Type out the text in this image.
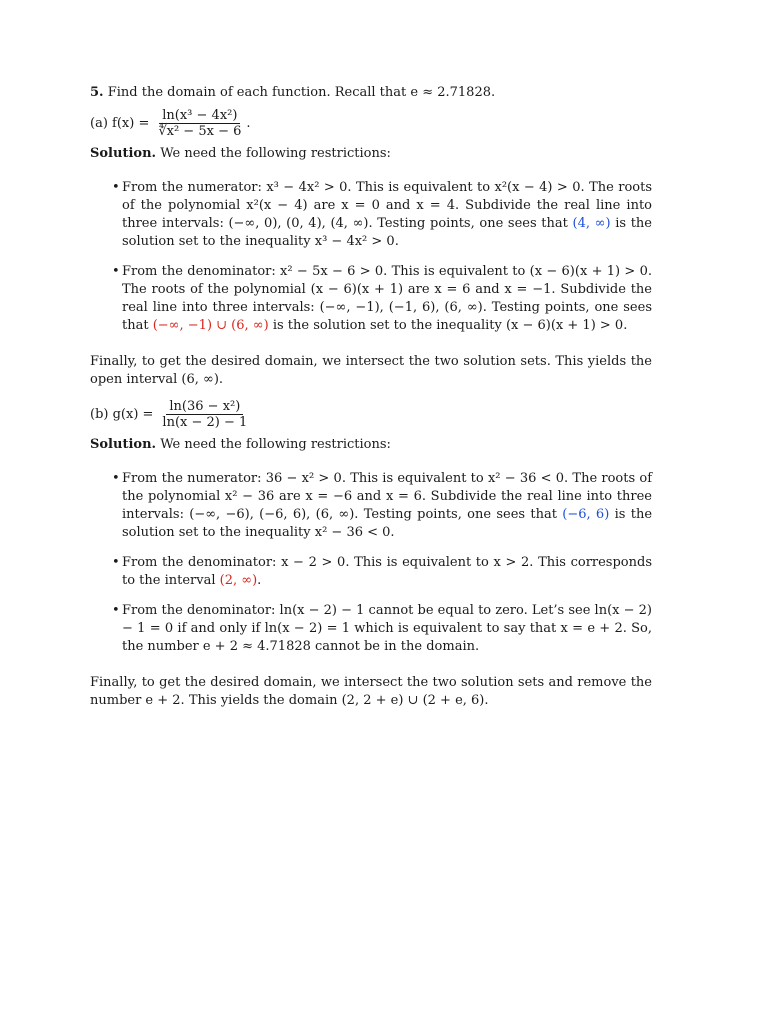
5. Find the domain of each function. Recall that e ≈ 2.71828.

(a) $f(x) = \frac{\text{ln(x³ − 4x²)}}{\text{∜x² − 5x − 6}}$ .

Solution. We need the following restrictions:

• From the numerator: x³ − 4x² > 0. This is equivalent to x²(x − 4) > 0. The roots of the polynomial x²(x − 4) are x = 0 and x = 4. Subdivide the real line into three intervals: (−∞, 0), (0, 4), (4, ∞). Testing points, one sees that (4, ∞) is the solution set to the inequality x³ − 4x² > 0.
• From the denominator: x² − 5x − 6 > 0. This is equivalent to (x − 6)(x + 1) > 0. The roots of the polynomial (x − 6)(x + 1) are x = 6 and x = −1. Subdivide the real line into three intervals: (−∞, −1), (−1, 6), (6, ∞). Testing points, one sees that (−∞, −1) ∪ (6, ∞) is the solution set to the inequality (x − 6)(x + 1) > 0.

Finally, to get the desired domain, we intersect the two solution sets. This yields the open interval (6, ∞).

(b) $g(x) = \frac{\text{ln(36 − x²)}}{\ln(x - 2) - 1}$

Solution. We need the following restrictions:

• From the numerator: 36 − x² > 0. This is equivalent to x² − 36 < 0. The roots of the polynomial x² − 36 are x = −6 and x = 6. Subdivide the real line into three intervals: (−∞, −6), (−6, 6), (6, ∞). Testing points, one sees that (−6, 6) is the solution set to the inequality x² − 36 < 0.
• From the denominator: x − 2 > 0. This is equivalent to x > 2. This corresponds to the interval (2, ∞).
• From the denominator: ln(x − 2) − 1 cannot be equal to zero. Let’s see ln(x − 2) − 1 = 0 if and only if ln(x − 2) = 1 which is equivalent to say that x = e + 2. So, the number e + 2 ≈ 4.71828 cannot be in the domain.

Finally, to get the desired domain, we intersect the two solution sets and remove the number e + 2. This yields the domain (2, 2 + e) ∪ (2 + e, 6).
